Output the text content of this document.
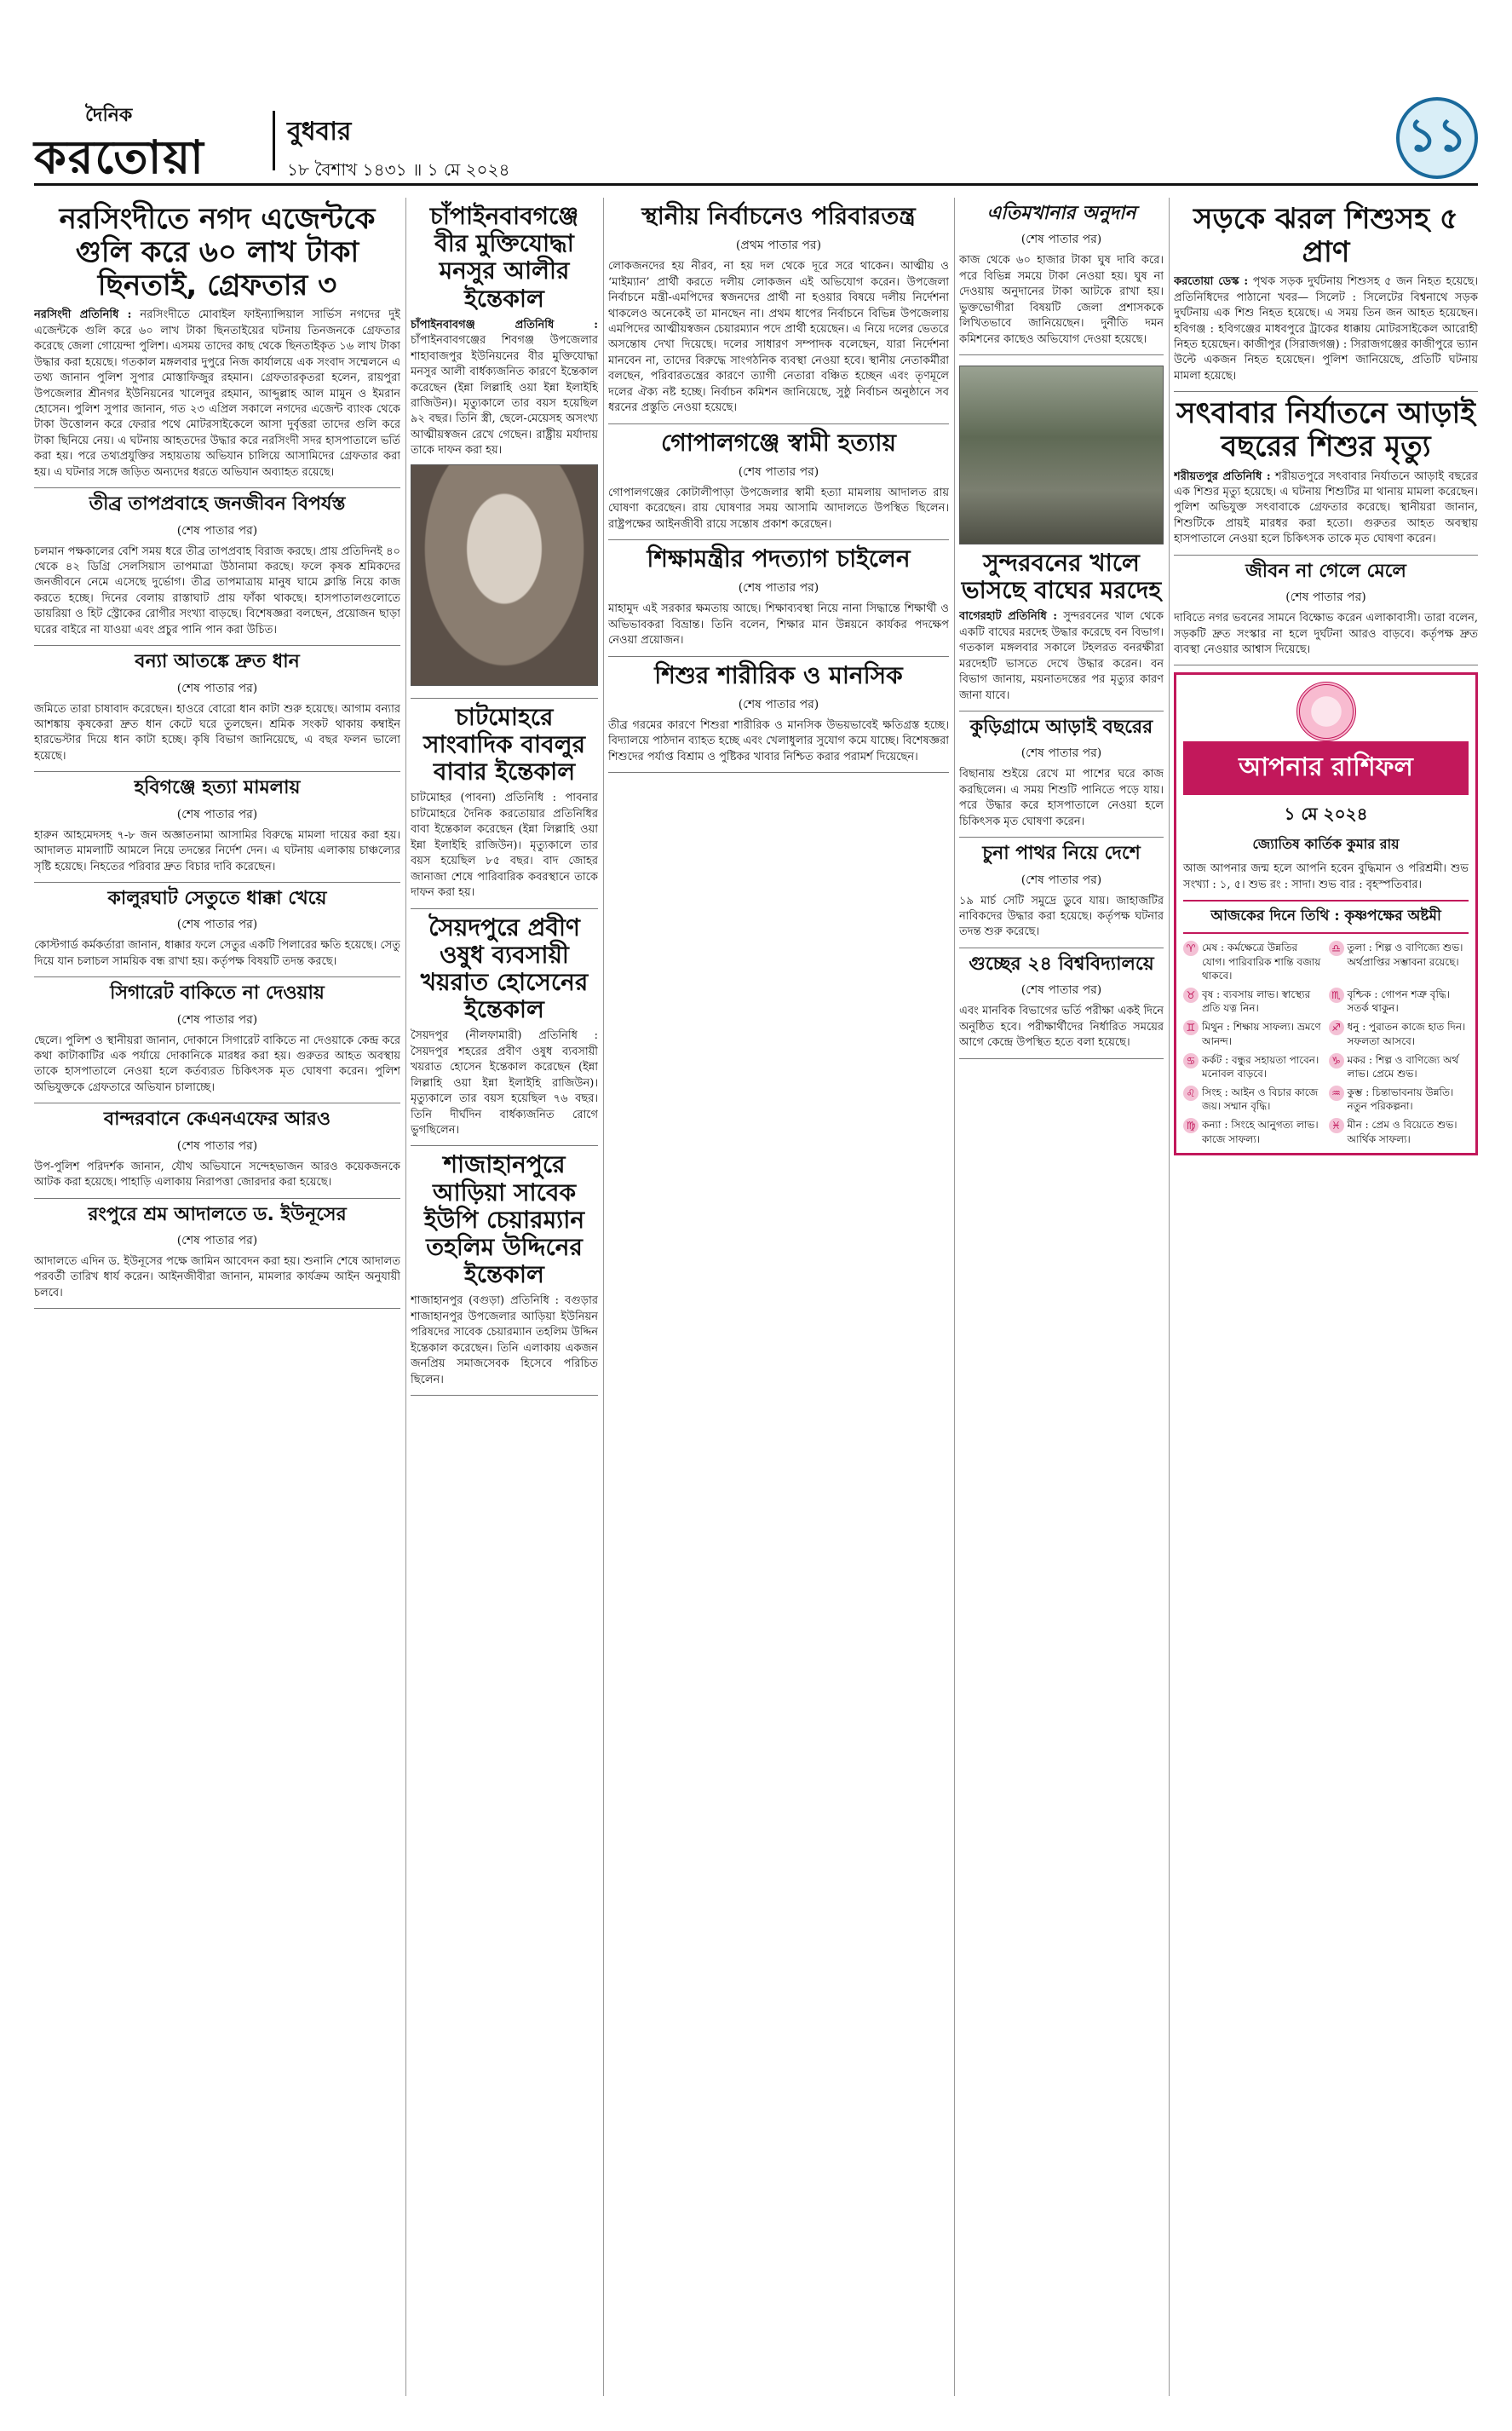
দৈনিক
করতোয়া	বুধবার
১৮ বৈশাখ ১৪৩১ ॥ ১ মে ২০২৪
১১
নরসিংদীতে নগদ এজেন্টকে গুলি করে ৬০ লাখ টাকা ছিনতাই, গ্রেফতার ৩

নরসিংদী প্রতিনিধি : নরসিংদীতে মোবাইল ফাইন্যান্সিয়াল সার্ভিস নগদের দুই এজেন্টকে গুলি করে ৬০ লাখ টাকা ছিনতাইয়ের ঘটনায় তিনজনকে গ্রেফতার করেছে জেলা গোয়েন্দা পুলিশ। এসময় তাদের কাছ থেকে ছিনতাইকৃত ১৬ লাখ টাকা উদ্ধার করা হয়েছে। গতকাল মঙ্গলবার দুপুরে নিজ কার্যালয়ে এক সংবাদ সম্মেলনে এ তথ্য জানান পুলিশ সুপার মোস্তাফিজুর রহমান। গ্রেফতারকৃতরা হলেন, রায়পুরা উপজেলার শ্রীনগর ইউনিয়নের খালেদুর রহমান, আব্দুল্লাহ আল মামুন ও ইমরান হোসেন। পুলিশ সুপার জানান, গত ২৩ এপ্রিল সকালে নগদের এজেন্ট ব্যাংক থেকে টাকা উত্তোলন করে ফেরার পথে মোটরসাইকেলে আসা দুর্বৃত্তরা তাদের গুলি করে টাকা ছিনিয়ে নেয়। এ ঘটনায় আহতদের উদ্ধার করে নরসিংদী সদর হাসপাতালে ভর্তি করা হয়। পরে তথ্যপ্রযুক্তির সহায়তায় অভিযান চালিয়ে আসামিদের গ্রেফতার করা হয়। এ ঘটনার সঙ্গে জড়িত অন্যদের ধরতে অভিযান অব্যাহত রয়েছে।

তীব্র তাপপ্রবাহে জনজীবন বিপর্যস্ত
(শেষ পাতার পর)

চলমান পক্ষকালের বেশি সময় ধরে তীব্র তাপপ্রবাহ বিরাজ করছে। প্রায় প্রতিদিনই ৪০ থেকে ৪২ ডিগ্রি সেলসিয়াস তাপমাত্রা উঠানামা করছে। ফলে কৃষক শ্রমিকদের জনজীবনে নেমে এসেছে দুর্ভোগ। তীব্র তাপমাত্রায় মানুষ ঘামে ক্লান্তি নিয়ে কাজ করতে হচ্ছে। দিনের বেলায় রাস্তাঘাট প্রায় ফাঁকা থাকছে। হাসপাতালগুলোতে ডায়রিয়া ও হিট স্ট্রোকের রোগীর সংখ্যা বাড়ছে। বিশেষজ্ঞরা বলছেন, প্রয়োজন ছাড়া ঘরের বাইরে না যাওয়া এবং প্রচুর পানি পান করা উচিত।

বন্যা আতঙ্কে দ্রুত ধান
(শেষ পাতার পর)

জমিতে তারা চাষাবাদ করেছেন। হাওরে বোরো ধান কাটা শুরু হয়েছে। আগাম বন্যার আশঙ্কায় কৃষকেরা দ্রুত ধান কেটে ঘরে তুলছেন। শ্রমিক সংকট থাকায় কম্বাইন হারভেস্টার দিয়ে ধান কাটা হচ্ছে। কৃষি বিভাগ জানিয়েছে, এ বছর ফলন ভালো হয়েছে।

হবিগঞ্জে হত্যা মামলায়
(শেষ পাতার পর)

হারুন আহমেদসহ ৭-৮ জন অজ্ঞাতনামা আসামির বিরুদ্ধে মামলা দায়ের করা হয়। আদালত মামলাটি আমলে নিয়ে তদন্তের নির্দেশ দেন। এ ঘটনায় এলাকায় চাঞ্চল্যের সৃষ্টি হয়েছে। নিহতের পরিবার দ্রুত বিচার দাবি করেছেন।

কালুরঘাট সেতুতে ধাক্কা খেয়ে
(শেষ পাতার পর)

কোস্টগার্ড কর্মকর্তারা জানান, ধাক্কার ফলে সেতুর একটি পিলারের ক্ষতি হয়েছে। সেতু দিয়ে যান চলাচল সাময়িক বন্ধ রাখা হয়। কর্তৃপক্ষ বিষয়টি তদন্ত করছে।

সিগারেট বাকিতে না দেওয়ায়
(শেষ পাতার পর)

ছেলে। পুলিশ ও স্থানীয়রা জানান, দোকানে সিগারেট বাকিতে না দেওয়াকে কেন্দ্র করে কথা কাটাকাটির এক পর্যায়ে দোকানিকে মারধর করা হয়। গুরুতর আহত অবস্থায় তাকে হাসপাতালে নেওয়া হলে কর্তব্যরত চিকিৎসক মৃত ঘোষণা করেন। পুলিশ অভিযুক্তকে গ্রেফতারে অভিযান চালাচ্ছে।

বান্দরবানে কেএনএফের আরও
(শেষ পাতার পর)

উপ-পুলিশ পরিদর্শক জানান, যৌথ অভিযানে সন্দেহভাজন আরও কয়েকজনকে আটক করা হয়েছে। পাহাড়ি এলাকায় নিরাপত্তা জোরদার করা হয়েছে।

রংপুরে শ্রম আদালতে ড. ইউনূসের
(শেষ পাতার পর)

আদালতে এদিন ড. ইউনূসের পক্ষে জামিন আবেদন করা হয়। শুনানি শেষে আদালত পরবর্তী তারিখ ধার্য করেন। আইনজীবীরা জানান, মামলার কার্যক্রম আইন অনুযায়ী চলবে।

চাঁপাইনবাবগঞ্জে বীর মুক্তিযোদ্ধা মনসুর আলীর ইন্তেকাল

চাঁপাইনবাবগঞ্জ প্রতিনিধি : চাঁপাইনবাবগঞ্জের শিবগঞ্জ উপজেলার শাহাবাজপুর ইউনিয়নের বীর মুক্তিযোদ্ধা মনসুর আলী বার্ধক্যজনিত কারণে ইন্তেকাল করেছেন (ইন্না লিল্লাহি ওয়া ইন্না ইলাইহি রাজিউন)। মৃত্যুকালে তার বয়স হয়েছিল ৯২ বছর। তিনি স্ত্রী, ছেলে-মেয়েসহ অসংখ্য আত্মীয়স্বজন রেখে গেছেন। রাষ্ট্রীয় মর্যাদায় তাকে দাফন করা হয়।

চাটমোহরে সাংবাদিক বাবলুর বাবার ইন্তেকাল

চাটমোহর (পাবনা) প্রতিনিধি : পাবনার চাটমোহরে দৈনিক করতোয়ার প্রতিনিধির বাবা ইন্তেকাল করেছেন (ইন্না লিল্লাহি ওয়া ইন্না ইলাইহি রাজিউন)। মৃত্যুকালে তার বয়স হয়েছিল ৮৫ বছর। বাদ জোহর জানাজা শেষে পারিবারিক কবরস্থানে তাকে দাফন করা হয়।

সৈয়দপুরে প্রবীণ ওষুধ ব্যবসায়ী খয়রাত হোসেনের ইন্তেকাল

সৈয়দপুর (নীলফামারী) প্রতিনিধি : সৈয়দপুর শহরের প্রবীণ ওষুধ ব্যবসায়ী খয়রাত হোসেন ইন্তেকাল করেছেন (ইন্না লিল্লাহি ওয়া ইন্না ইলাইহি রাজিউন)। মৃত্যুকালে তার বয়স হয়েছিল ৭৬ বছর। তিনি দীর্ঘদিন বার্ধক্যজনিত রোগে ভুগছিলেন।

শাজাহানপুরে আড়িয়া সাবেক ইউপি চেয়ারম্যান তহলিম উদ্দিনের ইন্তেকাল

শাজাহানপুর (বগুড়া) প্রতিনিধি : বগুড়ার শাজাহানপুর উপজেলার আড়িয়া ইউনিয়ন পরিষদের সাবেক চেয়ারম্যান তহলিম উদ্দিন ইন্তেকাল করেছেন। তিনি এলাকায় একজন জনপ্রিয় সমাজসেবক হিসেবে পরিচিত ছিলেন।

স্থানীয় নির্বাচনেও পরিবারতন্ত্র
(প্রথম পাতার পর)

লোকজনদের হয় নীরব, না হয় দল থেকে দূরে সরে থাকেন। আত্মীয় ও ‘মাইম্যান’ প্রার্থী করতে দলীয় লোকজন এই অভিযোগ করেন। উপজেলা নির্বাচনে মন্ত্রী-এমপিদের স্বজনদের প্রার্থী না হওয়ার বিষয়ে দলীয় নির্দেশনা থাকলেও অনেকেই তা মানছেন না। প্রথম ধাপের নির্বাচনে বিভিন্ন উপজেলায় এমপিদের আত্মীয়স্বজন চেয়ারম্যান পদে প্রার্থী হয়েছেন। এ নিয়ে দলের ভেতরে অসন্তোষ দেখা দিয়েছে। দলের সাধারণ সম্পাদক বলেছেন, যারা নির্দেশনা মানবেন না, তাদের বিরুদ্ধে সাংগঠনিক ব্যবস্থা নেওয়া হবে। স্থানীয় নেতাকর্মীরা বলছেন, পরিবারতন্ত্রের কারণে ত্যাগী নেতারা বঞ্চিত হচ্ছেন এবং তৃণমূলে দলের ঐক্য নষ্ট হচ্ছে। নির্বাচন কমিশন জানিয়েছে, সুষ্ঠু নির্বাচন অনুষ্ঠানে সব ধরনের প্রস্তুতি নেওয়া হয়েছে।

গোপালগঞ্জে স্বামী হত্যায়
(শেষ পাতার পর)

গোপালগঞ্জের কোটালীপাড়া উপজেলার স্বামী হত্যা মামলায় আদালত রায় ঘোষণা করেছেন। রায় ঘোষণার সময় আসামি আদালতে উপস্থিত ছিলেন। রাষ্ট্রপক্ষের আইনজীবী রায়ে সন্তোষ প্রকাশ করেছেন।

শিক্ষামন্ত্রীর পদত্যাগ চাইলেন
(শেষ পাতার পর)

মাহামুদ এই সরকার ক্ষমতায় আছে। শিক্ষাব্যবস্থা নিয়ে নানা সিদ্ধান্তে শিক্ষার্থী ও অভিভাবকরা বিভ্রান্ত। তিনি বলেন, শিক্ষার মান উন্নয়নে কার্যকর পদক্ষেপ নেওয়া প্রয়োজন।

শিশুর শারীরিক ও মানসিক
(শেষ পাতার পর)

তীব্র গরমের কারণে শিশুরা শারীরিক ও মানসিক উভয়ভাবেই ক্ষতিগ্রস্ত হচ্ছে। বিদ্যালয়ে পাঠদান ব্যাহত হচ্ছে এবং খেলাধুলার সুযোগ কমে যাচ্ছে। বিশেষজ্ঞরা শিশুদের পর্যাপ্ত বিশ্রাম ও পুষ্টিকর খাবার নিশ্চিত করার পরামর্শ দিয়েছেন।

এতিমখানার অনুদান
(শেষ পাতার পর)

কাজ থেকে ৬০ হাজার টাকা ঘুষ দাবি করে। পরে বিভিন্ন সময়ে টাকা নেওয়া হয়। ঘুষ না দেওয়ায় অনুদানের টাকা আটকে রাখা হয়। ভুক্তভোগীরা বিষয়টি জেলা প্রশাসককে লিখিতভাবে জানিয়েছেন। দুর্নীতি দমন কমিশনের কাছেও অভিযোগ দেওয়া হয়েছে।

সুন্দরবনের খালে ভাসছে বাঘের মরদেহ

বাগেরহাট প্রতিনিধি : সুন্দরবনের খাল থেকে একটি বাঘের মরদেহ উদ্ধার করেছে বন বিভাগ। গতকাল মঙ্গলবার সকালে টহলরত বনরক্ষীরা মরদেহটি ভাসতে দেখে উদ্ধার করেন। বন বিভাগ জানায়, ময়নাতদন্তের পর মৃত্যুর কারণ জানা যাবে।

কুড়িগ্রামে আড়াই বছরের
(শেষ পাতার পর)

বিছানায় শুইয়ে রেখে মা পাশের ঘরে কাজ করছিলেন। এ সময় শিশুটি পানিতে পড়ে যায়। পরে উদ্ধার করে হাসপাতালে নেওয়া হলে চিকিৎসক মৃত ঘোষণা করেন।

চুনা পাথর নিয়ে দেশে
(শেষ পাতার পর)

১৯ মার্চ সেটি সমুদ্রে ডুবে যায়। জাহাজটির নাবিকদের উদ্ধার করা হয়েছে। কর্তৃপক্ষ ঘটনার তদন্ত শুরু করেছে।

গুচ্ছের ২৪ বিশ্ববিদ্যালয়ে
(শেষ পাতার পর)

এবং মানবিক বিভাগের ভর্তি পরীক্ষা একই দিনে অনুষ্ঠিত হবে। পরীক্ষার্থীদের নির্ধারিত সময়ের আগে কেন্দ্রে উপস্থিত হতে বলা হয়েছে।

সড়কে ঝরল শিশুসহ ৫ প্রাণ

করতোয়া ডেস্ক : পৃথক সড়ক দুর্ঘটনায় শিশুসহ ৫ জন নিহত হয়েছে। প্রতিনিধিদের পাঠানো খবর— সিলেট : সিলেটের বিশ্বনাথে সড়ক দুর্ঘটনায় এক শিশু নিহত হয়েছে। এ সময় তিন জন আহত হয়েছেন। হবিগঞ্জ : হবিগঞ্জের মাধবপুরে ট্রাকের ধাক্কায় মোটরসাইকেল আরোহী নিহত হয়েছেন। কাজীপুর (সিরাজগঞ্জ) : সিরাজগঞ্জের কাজীপুরে ভ্যান উল্টে একজন নিহত হয়েছেন। পুলিশ জানিয়েছে, প্রতিটি ঘটনায় মামলা হয়েছে।

সৎবাবার নির্যাতনে আড়াই বছরের শিশুর মৃত্যু

শরীয়তপুর প্রতিনিধি : শরীয়তপুরে সৎবাবার নির্যাতনে আড়াই বছরের এক শিশুর মৃত্যু হয়েছে। এ ঘটনায় শিশুটির মা থানায় মামলা করেছেন। পুলিশ অভিযুক্ত সৎবাবাকে গ্রেফতার করেছে। স্থানীয়রা জানান, শিশুটিকে প্রায়ই মারধর করা হতো। গুরুতর আহত অবস্থায় হাসপাতালে নেওয়া হলে চিকিৎসক তাকে মৃত ঘোষণা করেন।

জীবন না গেলে মেলে
(শেষ পাতার পর)

দাবিতে নগর ভবনের সামনে বিক্ষোভ করেন এলাকাবাসী। তারা বলেন, সড়কটি দ্রুত সংস্কার না হলে দুর্ঘটনা আরও বাড়বে। কর্তৃপক্ষ দ্রুত ব্যবস্থা নেওয়ার আশ্বাস দিয়েছে।

আপনার রাশিফল
১ মে ২০২৪
জ্যোতিষ কার্তিক কুমার রায়

আজ আপনার জন্ম হলে আপনি হবেন বুদ্ধিমান ও পরিশ্রমী। শুভ সংখ্যা : ১, ৫। শুভ রং : সাদা। শুভ বার : বৃহস্পতিবার।

আজকের দিনে তিথি : কৃষ্ণপক্ষের অষ্টমী
♈ মেষ : কর্মক্ষেত্রে উন্নতির যোগ। পারিবারিক শান্তি বজায় থাকবে।
♎ তুলা : শিল্প ও বাণিজ্যে শুভ। অর্থপ্রাপ্তির সম্ভাবনা রয়েছে।
♉ বৃষ : ব্যবসায় লাভ। স্বাস্থ্যের প্রতি যত্ন নিন।
♏ বৃশ্চিক : গোপন শত্রু বৃদ্ধি। সতর্ক থাকুন।
♊ মিথুন : শিক্ষায় সাফল্য। ভ্রমণে আনন্দ।
♐ ধনু : পুরাতন কাজে হাত দিন। সফলতা আসবে।
♋ কর্কট : বন্ধুর সহায়তা পাবেন। মনোবল বাড়বে।
♑ মকর : শিল্প ও বাণিজ্যে অর্থ লাভ। প্রেমে শুভ।
♌ সিংহ : আইন ও বিচার কাজে জয়। সম্মান বৃদ্ধি।
♒ কুম্ভ : চিন্তাভাবনায় উন্নতি। নতুন পরিকল্পনা।
♍ কন্যা : সিংহে আনুগত্য লাভ। কাজে সাফল্য।
♓ মীন : প্রেম ও বিয়েতে শুভ। আর্থিক সাফল্য।
